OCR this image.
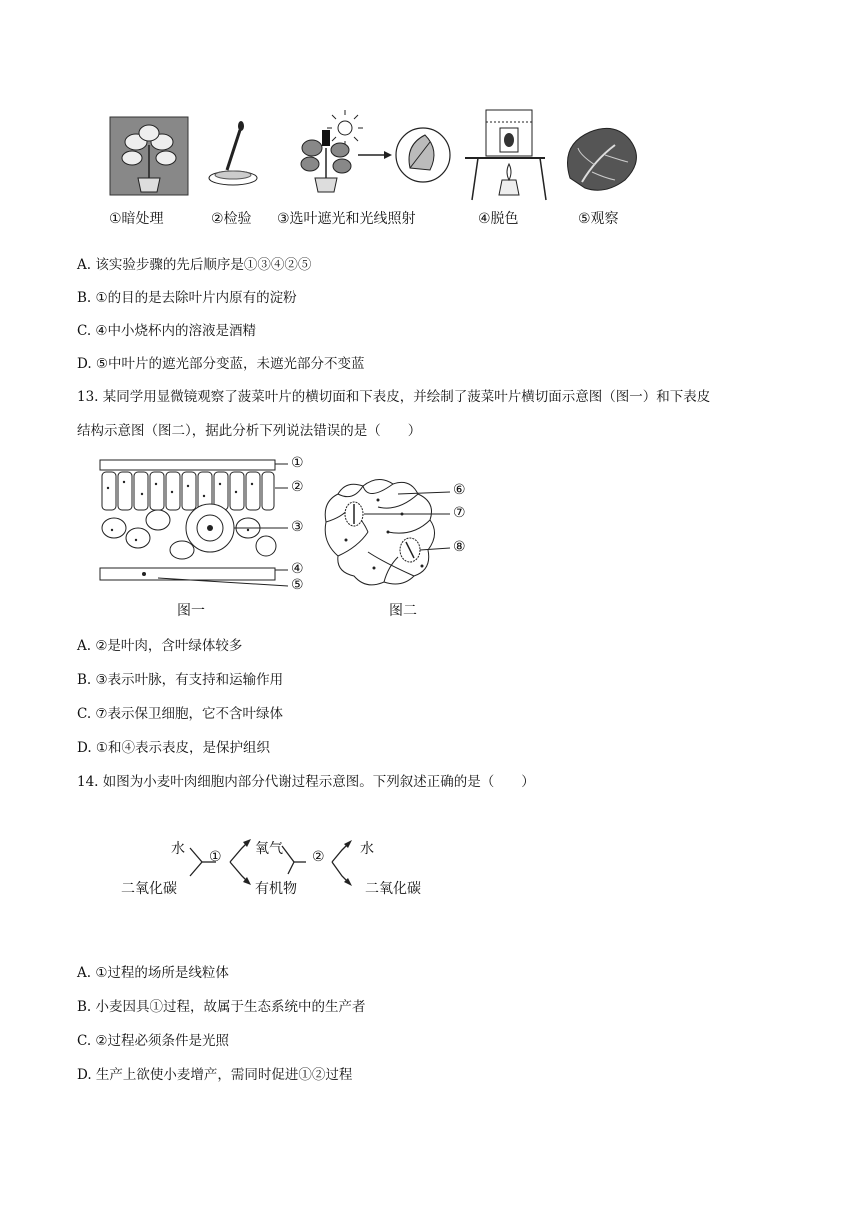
①暗处理	②检验 ③选叶遮光和光线照射	④脱色	⑤观察
A. 该实验步骤的先后顺序是①③④②⑤
B. ①的目的是去除叶片内原有的淀粉
C. ④中小烧杯内的溶液是酒精
D. ⑤中叶片的遮光部分变蓝，未遮光部分不变蓝
13. 某同学用显微镜观察了菠菜叶片的横切面和下表皮，并绘制了菠菜叶片横切面示意图（图一）和下表皮
结构示意图（图二），据此分析下列说法错误的是（　　）
①
②
③
④
⑤
图一
⑥
⑦
⑧
图二
A. ②是叶肉，含叶绿体较多
B. ③表示叶脉，有支持和运输作用
C. ⑦表示保卫细胞，它不含叶绿体
D. ①和④表示表皮，是保护组织
14. 如图为小麦叶肉细胞内部分代谢过程示意图。下列叙述正确的是（　　）
水
二氧化碳
① 氧气
有机物
②	水
二氧化碳
A. ①过程的场所是线粒体
B. 小麦因具①过程，故属于生态系统中的生产者
C. ②过程必须条件是光照
D. 生产上欲使小麦增产，需同时促进①②过程
